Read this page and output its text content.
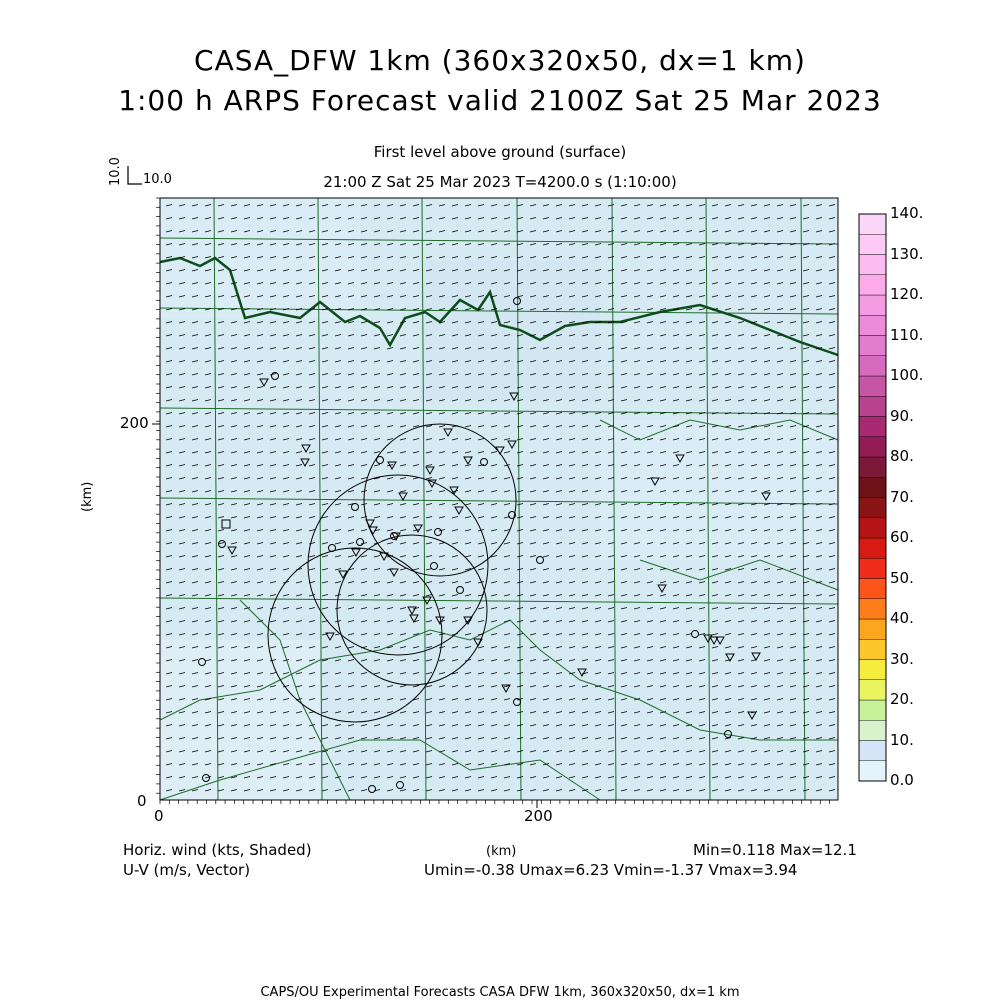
CASA_DFW 1km (360x320x50, dx=1 km)
1:00 h ARPS Forecast valid 2100Z Sat 25 Mar 2023
First level above ground (surface)
21:00 Z Sat 25 Mar 2023 T=4200.0 s (1:10:00)
10.0 10.0
(km)
200
0
0	200
0.0
10.
20.
30.
40.
50.
60.
70.
80.
90.
100.
110.
120.
130.
140.
Horiz. wind (kts, Shaded)
U-V (m/s, Vector)
(km)	Min=0.118 Max=12.1
Umin=-0.38 Umax=6.23 Vmin=-1.37 Vmax=3.94
CAPS/OU Experimental Forecasts CASA DFW 1km, 360x320x50, dx=1 km
